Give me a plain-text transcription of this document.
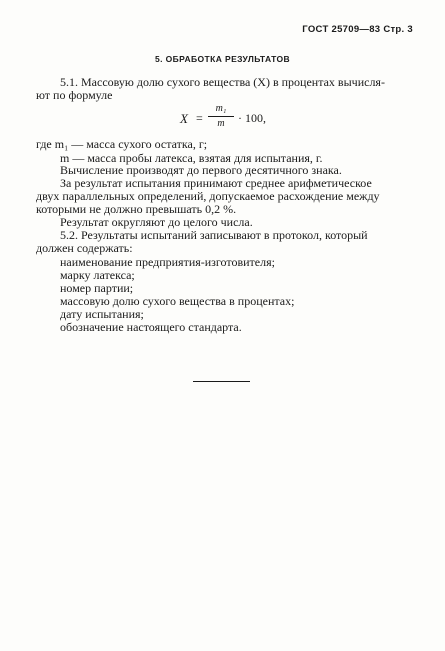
ГОСТ 25709—83 Стр. 3
5. ОБРАБОТКА РЕЗУЛЬТАТОВ
5.1. Массовую долю сухого вещества (X) в процентах вычисля-
ют по формуле
X =
m₁
m	· 100,
где m₁ — масса сухого остатка, г;
m — масса пробы латекса, взятая для испытания, г.
Вычисление производят до первого десятичного знака.
За результат испытания принимают среднее арифметическое
двух параллельных определений, допускаемое расхождение между
которыми не должно превышать 0,2 %.
Результат округляют до целого числа.
5.2. Результаты испытаний записывают в протокол, который
должен содержать:
наименование предприятия-изготовителя;
марку латекса;
номер партии;
массовую долю сухого вещества в процентах;
дату испытания;
обозначение настоящего стандарта.
